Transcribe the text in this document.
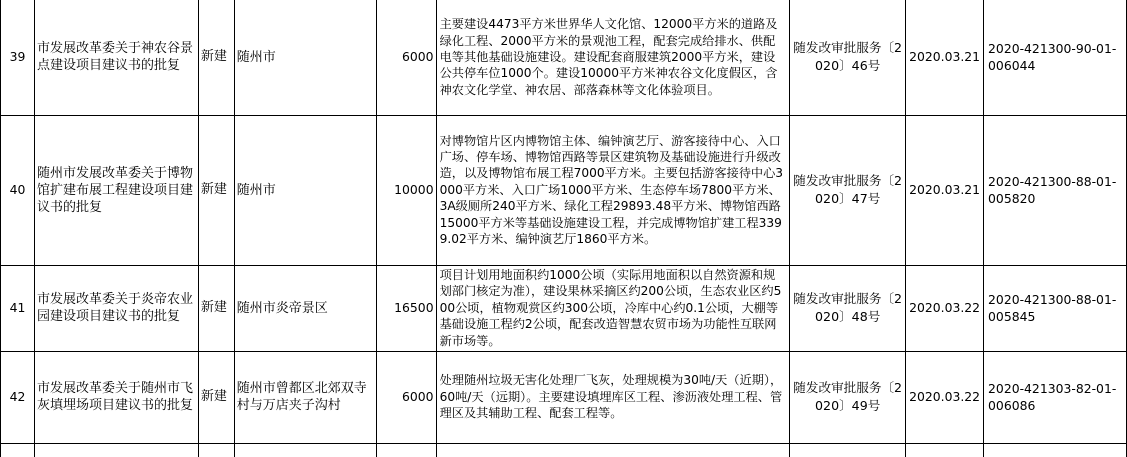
39	市发展改革委关于神农谷景点建设项目建议书的批复	新建	随州市	6000	主要建设4473平方米世界华人文化馆、12000平方米的道路及绿化工程、2000平方米的景观池工程，配套完成给排水、供配电等其他基础设施建设。建设配套商服建筑2000平方米，建设公共停车位1000个。建设10000平方米神农谷文化度假区，含神农文化学堂、神农居、部落森林等文化体验项目。	随发改审批服务〔2020〕46号	2020.03.21	2020-421300-90-01-006044
40	随州市发展改革委关于博物馆扩建布展工程建设项目建议书的批复	新建	随州市	10000	对博物馆片区内博物馆主体、编钟演艺厅、游客接待中心、入口广场、停车场、博物馆西路等景区建筑物及基础设施进行升级改造，以及博物馆布展工程7000平方米。主要包括游客接待中心3000平方米、入口广场1000平方米、生态停车场7800平方米、3A级厕所240平方米、绿化工程29893.48平方米、博物馆西路15000平方米等基础设施建设工程，并完成博物馆扩建工程3399.02平方米、编钟演艺厅1860平方米。	随发改审批服务〔2020〕47号	2020.03.21	2020-421300-88-01-005820
41	市发展改革委关于炎帝农业园建设项目建议书的批复	新建	随州市炎帝景区	16500	项目计划用地面积约1000公顷（实际用地面积以自然资源和规划部门核定为准），建设果林采摘区约200公顷，生态农业区约500公顷，植物观赏区约300公顷，冷库中心约0.1公顷，大棚等基础设施工程约2公顷，配套改造智慧农贸市场为功能性互联网新市场等。	随发改审批服务〔2020〕48号	2020.03.22	2020-421300-88-01-005845
42	市发展改革委关于随州市飞灰填埋场项目建议书的批复	新建	随州市曾都区北郊双寺村与万店夹子沟村	6000	处理随州垃圾无害化处理厂飞灰，处理规模为30吨/天（近期），60吨/天（远期）。主要建设填埋库区工程、渗沥液处理工程、管理区及其辅助工程、配套工程等。	随发改审批服务〔2020〕49号	2020.03.22	2020-421303-82-01-006086
